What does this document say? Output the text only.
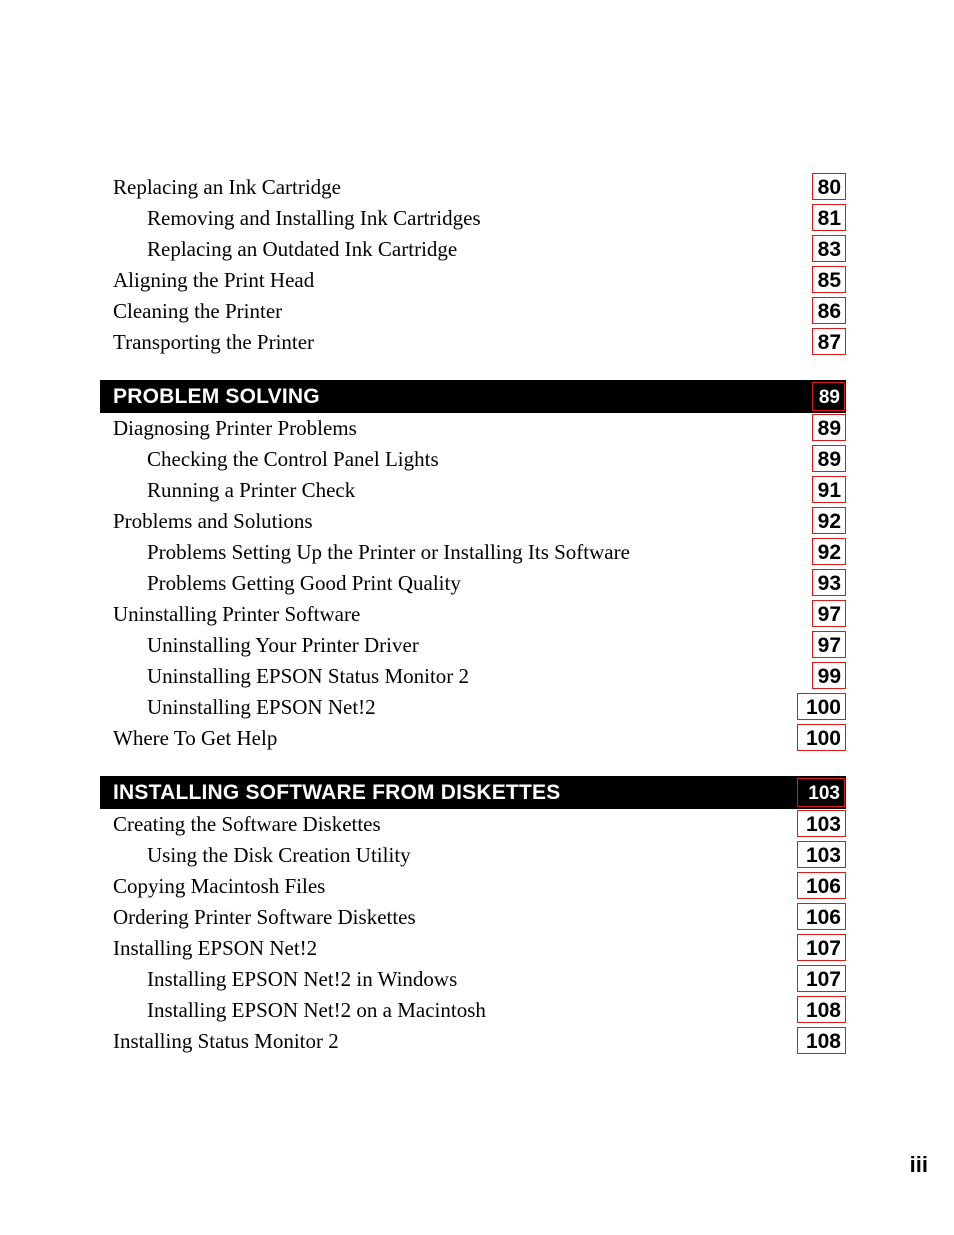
Replacing an Ink Cartridge	80
Removing and Installing Ink Cartridges	81
Replacing an Outdated Ink Cartridge	83
Aligning the Print Head	85
Cleaning the Printer	86
Transporting the Printer	87
PROBLEM SOLVING	89
Diagnosing Printer Problems	89
Checking the Control Panel Lights	89
Running a Printer Check	91
Problems and Solutions	92
Problems Setting Up the Printer or Installing Its Software	92
Problems Getting Good Print Quality	93
Uninstalling Printer Software	97
Uninstalling Your Printer Driver	97
Uninstalling EPSON Status Monitor 2	99
Uninstalling EPSON Net!2	100
Where To Get Help	100
INSTALLING SOFTWARE FROM DISKETTES	103
Creating the Software Diskettes	103
Using the Disk Creation Utility	103
Copying Macintosh Files	106
Ordering Printer Software Diskettes	106
Installing EPSON Net!2	107
Installing EPSON Net!2 in Windows	107
Installing EPSON Net!2 on a Macintosh	108
Installing Status Monitor 2	108
iii
